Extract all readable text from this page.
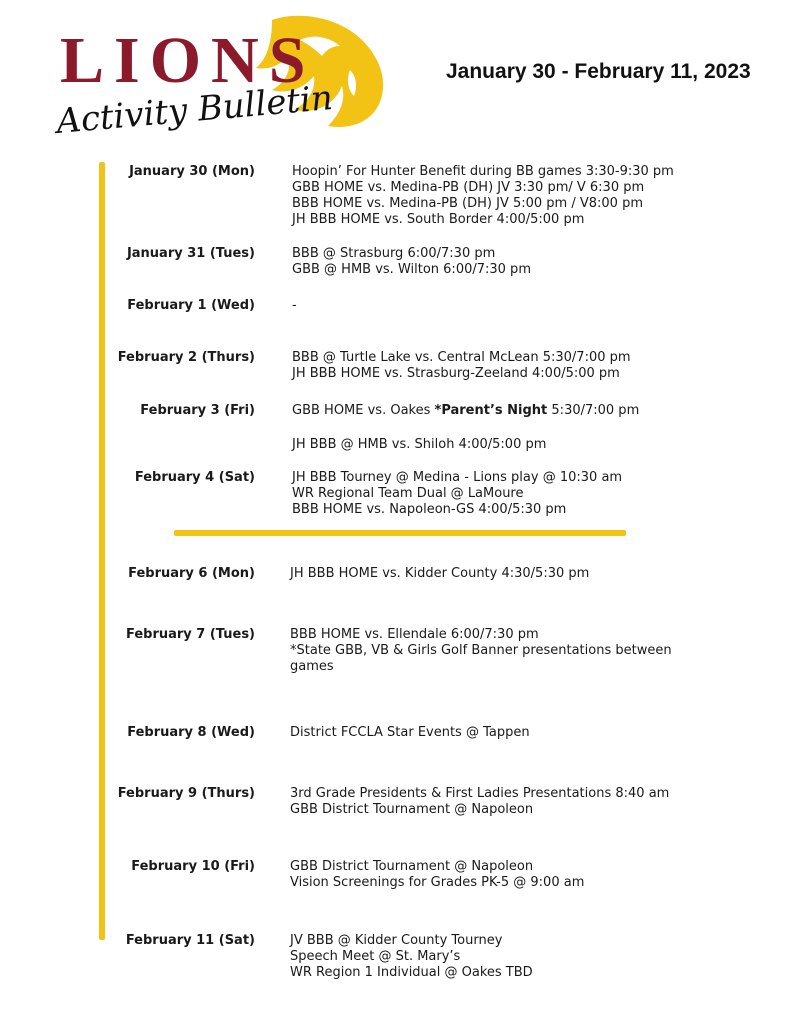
LIONS
Activity Bulletin
January 30 - February 11, 2023
January 30 (Mon)	Hoopin’ For Hunter Benefit during BB games 3:30-9:30 pm
GBB HOME vs. Medina-PB (DH) JV 3:30 pm/ V 6:30 pm
BBB HOME vs. Medina-PB (DH) JV 5:00 pm / V8:00 pm
JH BBB HOME vs. South Border 4:00/5:00 pm
January 31 (Tues)	BBB @ Strasburg 6:00/7:30 pm
GBB @ HMB vs. Wilton 6:00/7:30 pm
February 1 (Wed)	-
February 2 (Thurs)	BBB @ Turtle Lake vs. Central McLean 5:30/7:00 pm
JH BBB HOME vs. Strasburg-Zeeland 4:00/5:00 pm
February 3 (Fri)	GBB HOME vs. Oakes *Parent’s Night 5:30/7:00 pm
JH BBB @ HMB vs. Shiloh 4:00/5:00 pm
February 4 (Sat)	JH BBB Tourney @ Medina - Lions play @ 10:30 am
WR Regional Team Dual @ LaMoure
BBB HOME vs. Napoleon-GS 4:00/5:30 pm
February 6 (Mon)	JH BBB HOME vs. Kidder County 4:30/5:30 pm
February 7 (Tues)	BBB HOME vs. Ellendale 6:00/7:30 pm
*State GBB, VB & Girls Golf Banner presentations between games
February 8 (Wed)	District FCCLA Star Events @ Tappen
February 9 (Thurs)	3rd Grade Presidents & First Ladies Presentations 8:40 am
GBB District Tournament @ Napoleon
February 10 (Fri)	GBB District Tournament @ Napoleon
Vision Screenings for Grades PK-5 @ 9:00 am
February 11 (Sat)	JV BBB @ Kidder County Tourney
Speech Meet @ St. Mary’s
WR Region 1 Individual @ Oakes TBD
